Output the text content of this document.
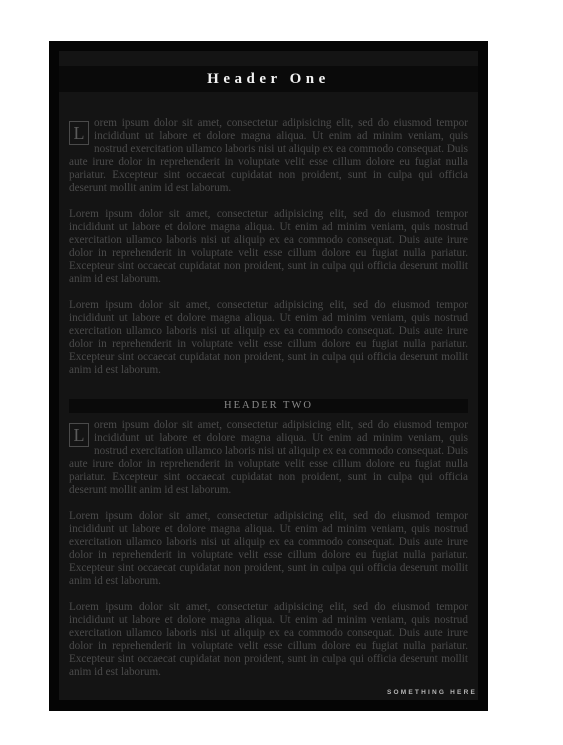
Header One

L orem ipsum dolor sit amet, consectetur adipisicing elit, sed do eiusmod tempor incididunt ut labore et dolore magna aliqua. Ut enim ad minim veniam, quis nostrud exercitation ullamco laboris nisi ut aliquip ex ea commodo consequat. Duis aute irure dolor in reprehenderit in voluptate velit esse cillum dolore eu fugiat nulla pariatur. Excepteur sint occaecat cupidatat non proident, sunt in culpa qui officia deserunt mollit anim id est laborum.

Lorem ipsum dolor sit amet, consectetur adipisicing elit, sed do eiusmod tempor incididunt ut labore et dolore magna aliqua. Ut enim ad minim veniam, quis nostrud exercitation ullamco laboris nisi ut aliquip ex ea commodo consequat. Duis aute irure dolor in reprehenderit in voluptate velit esse cillum dolore eu fugiat nulla pariatur. Excepteur sint occaecat cupidatat non proident, sunt in culpa qui officia deserunt mollit anim id est laborum.

Lorem ipsum dolor sit amet, consectetur adipisicing elit, sed do eiusmod tempor incididunt ut labore et dolore magna aliqua. Ut enim ad minim veniam, quis nostrud exercitation ullamco laboris nisi ut aliquip ex ea commodo consequat. Duis aute irure dolor in reprehenderit in voluptate velit esse cillum dolore eu fugiat nulla pariatur. Excepteur sint occaecat cupidatat non proident, sunt in culpa qui officia deserunt mollit anim id est laborum.

HEADER TWO

L orem ipsum dolor sit amet, consectetur adipisicing elit, sed do eiusmod tempor incididunt ut labore et dolore magna aliqua. Ut enim ad minim veniam, quis nostrud exercitation ullamco laboris nisi ut aliquip ex ea commodo consequat. Duis aute irure dolor in reprehenderit in voluptate velit esse cillum dolore eu fugiat nulla pariatur. Excepteur sint occaecat cupidatat non proident, sunt in culpa qui officia deserunt mollit anim id est laborum.

Lorem ipsum dolor sit amet, consectetur adipisicing elit, sed do eiusmod tempor incididunt ut labore et dolore magna aliqua. Ut enim ad minim veniam, quis nostrud exercitation ullamco laboris nisi ut aliquip ex ea commodo consequat. Duis aute irure dolor in reprehenderit in voluptate velit esse cillum dolore eu fugiat nulla pariatur. Excepteur sint occaecat cupidatat non proident, sunt in culpa qui officia deserunt mollit anim id est laborum.

Lorem ipsum dolor sit amet, consectetur adipisicing elit, sed do eiusmod tempor incididunt ut labore et dolore magna aliqua. Ut enim ad minim veniam, quis nostrud exercitation ullamco laboris nisi ut aliquip ex ea commodo consequat. Duis aute irure dolor in reprehenderit in voluptate velit esse cillum dolore eu fugiat nulla pariatur. Excepteur sint occaecat cupidatat non proident, sunt in culpa qui officia deserunt mollit anim id est laborum.

SOMETHING HERE
